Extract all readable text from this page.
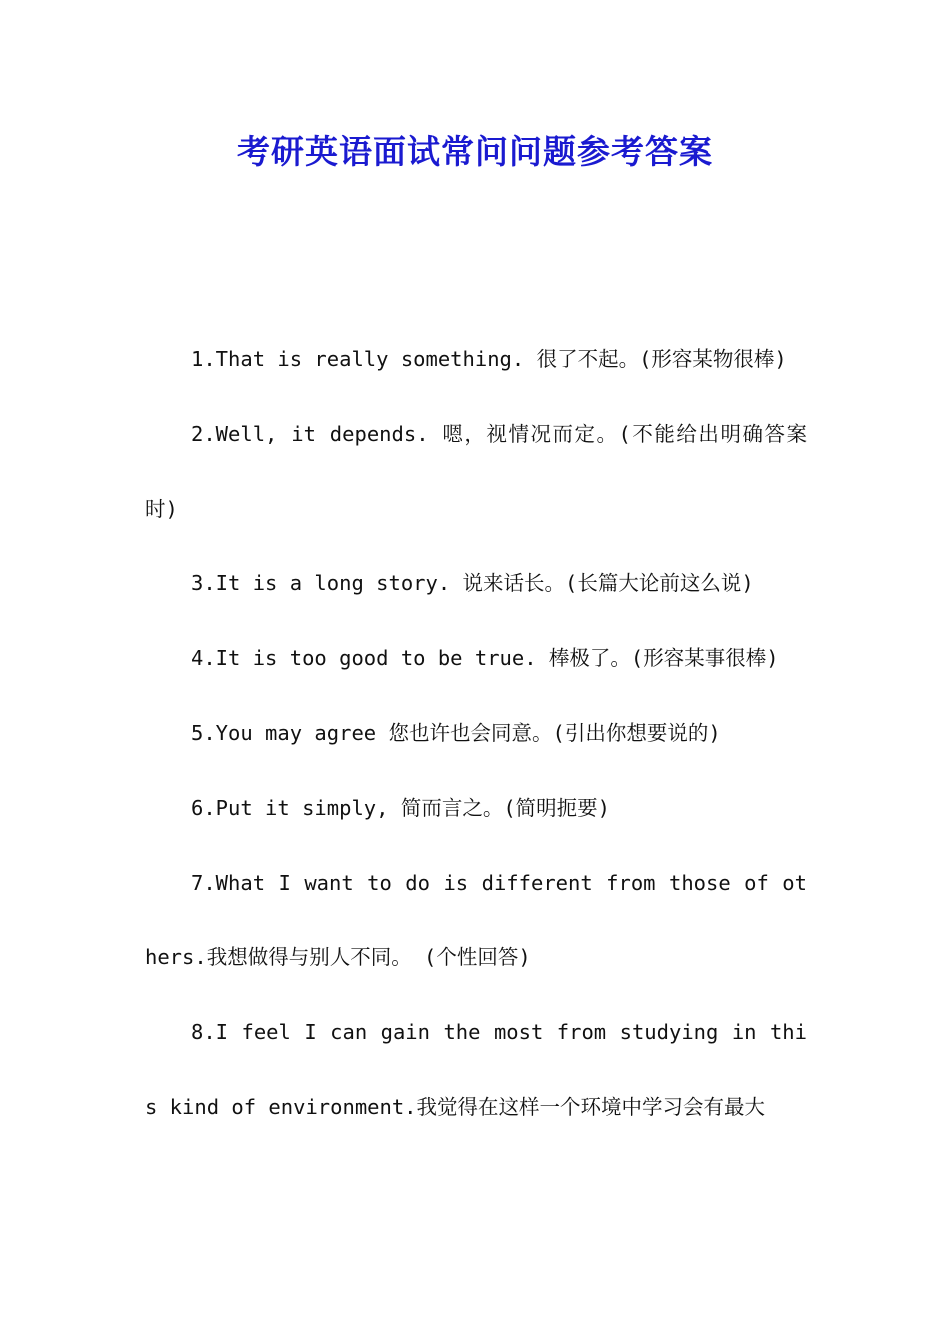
考研英语面试常问问题参考答案

1.That is really something. 很了不起。(形容某物很棒)

2.Well, it depends. 嗯，视情况而定。(不能给出明确答案时)

3.It is a long story. 说来话长。(长篇大论前这么说)

4.It is too good to be true. 棒极了。(形容某事很棒)

5.You may agree 您也许也会同意。(引出你想要说的)

6.Put it simply, 简而言之。(简明扼要)

7.What I want to do is different from those of others.我想做得与别人不同。 (个性回答)

8.I feel I can gain the most from studying in this kind of environment.我觉得在这样一个环境中学习会有最大
